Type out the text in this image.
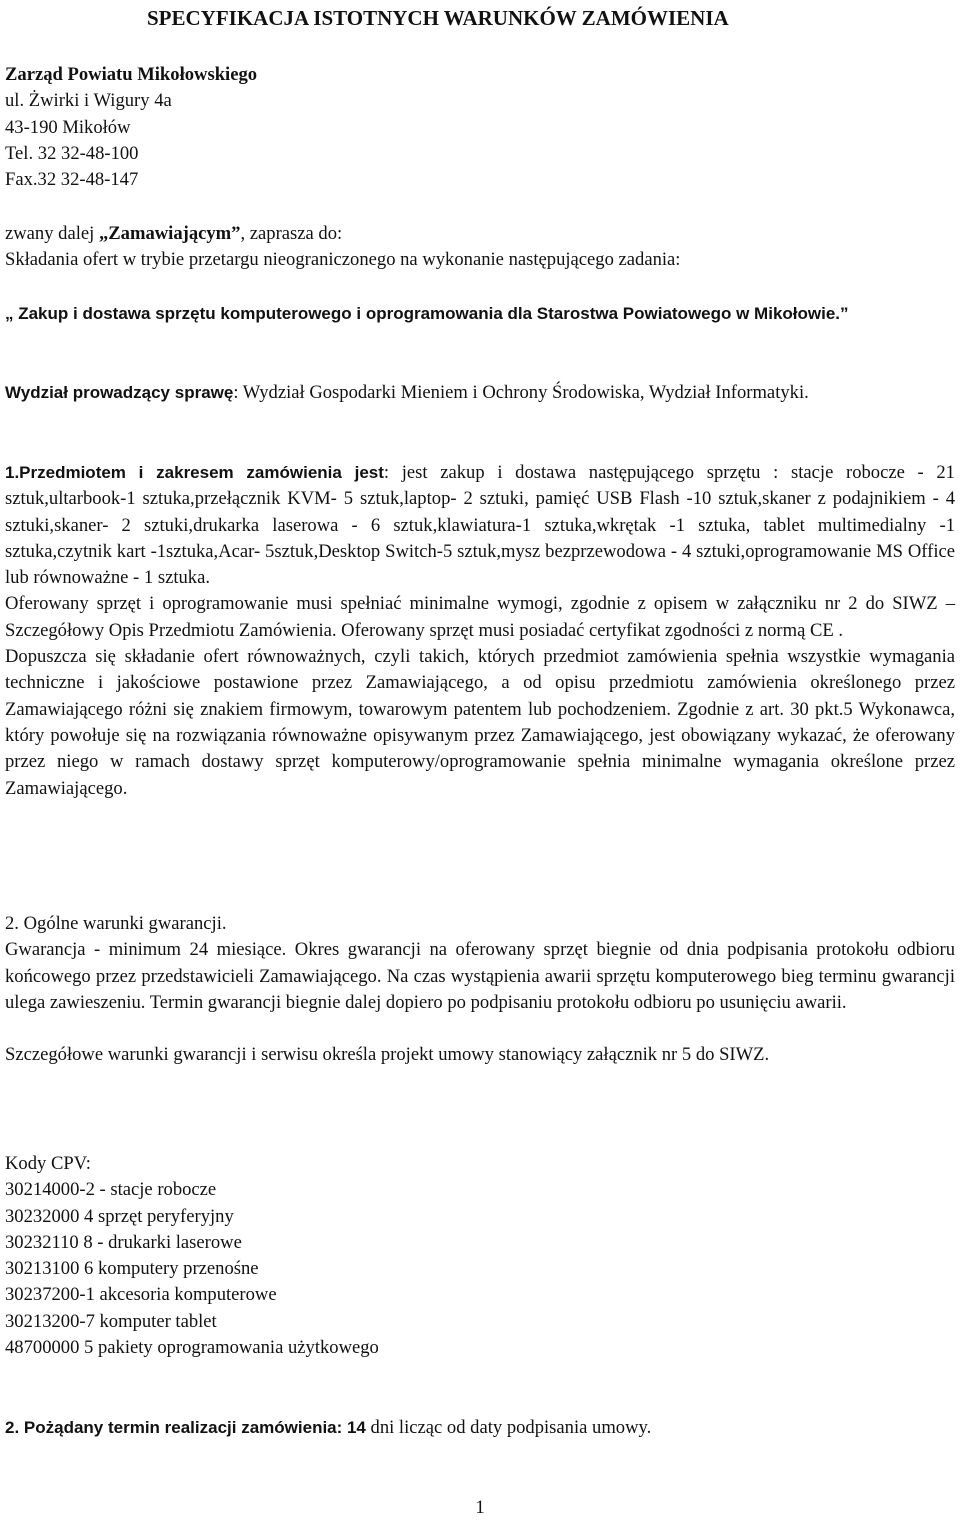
SPECYFIKACJA ISTOTNYCH WARUNKÓW ZAMÓWIENIA
Zarząd Powiatu Mikołowskiego
ul. Żwirki i Wigury 4a
43-190 Mikołów
Tel. 32 32-48-100
Fax.32 32-48-147
zwany dalej „Zamawiającym”, zaprasza do:
Składania ofert w trybie przetargu nieograniczonego na wykonanie następującego zadania:

„ Zakup i dostawa sprzętu komputerowego i oprogramowania dla Starostwa Powiatowego w Mikołowie.”

Wydział prowadzący sprawę: Wydział Gospodarki Mieniem i Ochrony Środowiska, Wydział Informatyki.

1.Przedmiotem i zakresem zamówienia jest: jest zakup i dostawa następującego sprzętu : stacje robocze - 21 sztuk,ultarbook-1 sztuka,przełącznik KVM- 5 sztuk,laptop- 2 sztuki, pamięć USB Flash -10 sztuk,skaner z podajnikiem - 4 sztuki,skaner- 2 sztuki,drukarka laserowa - 6 sztuk,klawiatura-1 sztuka,wkrętak -1 sztuka, tablet multimedialny -1 sztuka,czytnik kart -1sztuka,Acar- 5sztuk,Desktop Switch-5 sztuk,mysz bezprzewodowa - 4 sztuki,oprogramowanie MS Office lub równoważne - 1 sztuka.

Oferowany sprzęt i oprogramowanie musi spełniać minimalne wymogi, zgodnie z opisem w załączniku nr 2 do SIWZ – Szczegółowy Opis Przedmiotu Zamówienia. Oferowany sprzęt musi posiadać certyfikat zgodności z normą CE .

Dopuszcza się składanie ofert równoważnych, czyli takich, których przedmiot zamówienia spełnia wszystkie wymagania techniczne i jakościowe postawione przez Zamawiającego, a od opisu przedmiotu zamówienia określonego przez Zamawiającego różni się znakiem firmowym, towarowym patentem lub pochodzeniem. Zgodnie z art. 30 pkt.5 Wykonawca, który powołuje się na rozwiązania równoważne opisywanym przez Zamawiającego, jest obowiązany wykazać, że oferowany przez niego w ramach dostawy sprzęt komputerowy/oprogramowanie spełnia minimalne wymagania określone przez Zamawiającego.

2. Ogólne warunki gwarancji.

Gwarancja - minimum 24 miesiące. Okres gwarancji na oferowany sprzęt biegnie od dnia podpisania protokołu odbioru końcowego przez przedstawicieli Zamawiającego. Na czas wystąpienia awarii sprzętu komputerowego bieg terminu gwarancji ulega zawieszeniu. Termin gwarancji biegnie dalej dopiero po podpisaniu protokołu odbioru po usunięciu awarii.

Szczegółowe warunki gwarancji i serwisu określa projekt umowy stanowiący załącznik nr 5 do SIWZ.

Kody CPV:
30214000-2 - stacje robocze
30232000 4 sprzęt peryferyjny
30232110 8 - drukarki laserowe
30213100 6 komputery przenośne
30237200-1 akcesoria komputerowe
30213200-7 komputer tablet
48700000 5 pakiety oprogramowania użytkowego

2. Pożądany termin realizacji zamówienia: 14 dni licząc od daty podpisania umowy.

1
